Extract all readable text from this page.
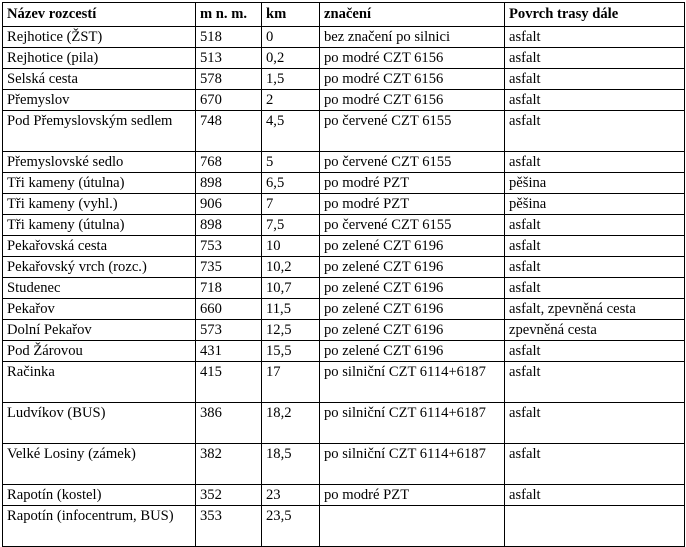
Název rozcestí	m n. m.	km	značení	Povrch trasy dále
Rejhotice (ŽST)	518	0	bez značení po silnici	asfalt
Rejhotice (pila)	513	0,2	po modré CZT 6156	asfalt
Selská cesta	578	1,5	po modré CZT 6156	asfalt
Přemyslov	670	2	po modré CZT 6156	asfalt
Pod Přemyslovským sedlem	748	4,5	po červené CZT 6155	asfalt
Přemyslovské sedlo	768	5	po červené CZT 6155	asfalt
Tři kameny (útulna)	898	6,5	po modré PZT	pěšina
Tři kameny (vyhl.)	906	7	po modré PZT	pěšina
Tři kameny (útulna)	898	7,5	po červené CZT 6155	asfalt
Pekařovská cesta	753	10	po zelené CZT 6196	asfalt
Pekařovský vrch (rozc.)	735	10,2	po zelené CZT 6196	asfalt
Studenec	718	10,7	po zelené CZT 6196	asfalt
Pekařov	660	11,5	po zelené CZT 6196	asfalt, zpevněná cesta
Dolní Pekařov	573	12,5	po zelené CZT 6196	zpevněná cesta
Pod Žárovou	431	15,5	po zelené CZT 6196	asfalt
Račinka	415	17	po silniční CZT 6114+6187	asfalt
Ludvíkov (BUS)	386	18,2	po silniční CZT 6114+6187	asfalt
Velké Losiny (zámek)	382	18,5	po silniční CZT 6114+6187	asfalt
Rapotín (kostel)	352	23	po modré PZT	asfalt
Rapotín (infocentrum, BUS)	353	23,5		
